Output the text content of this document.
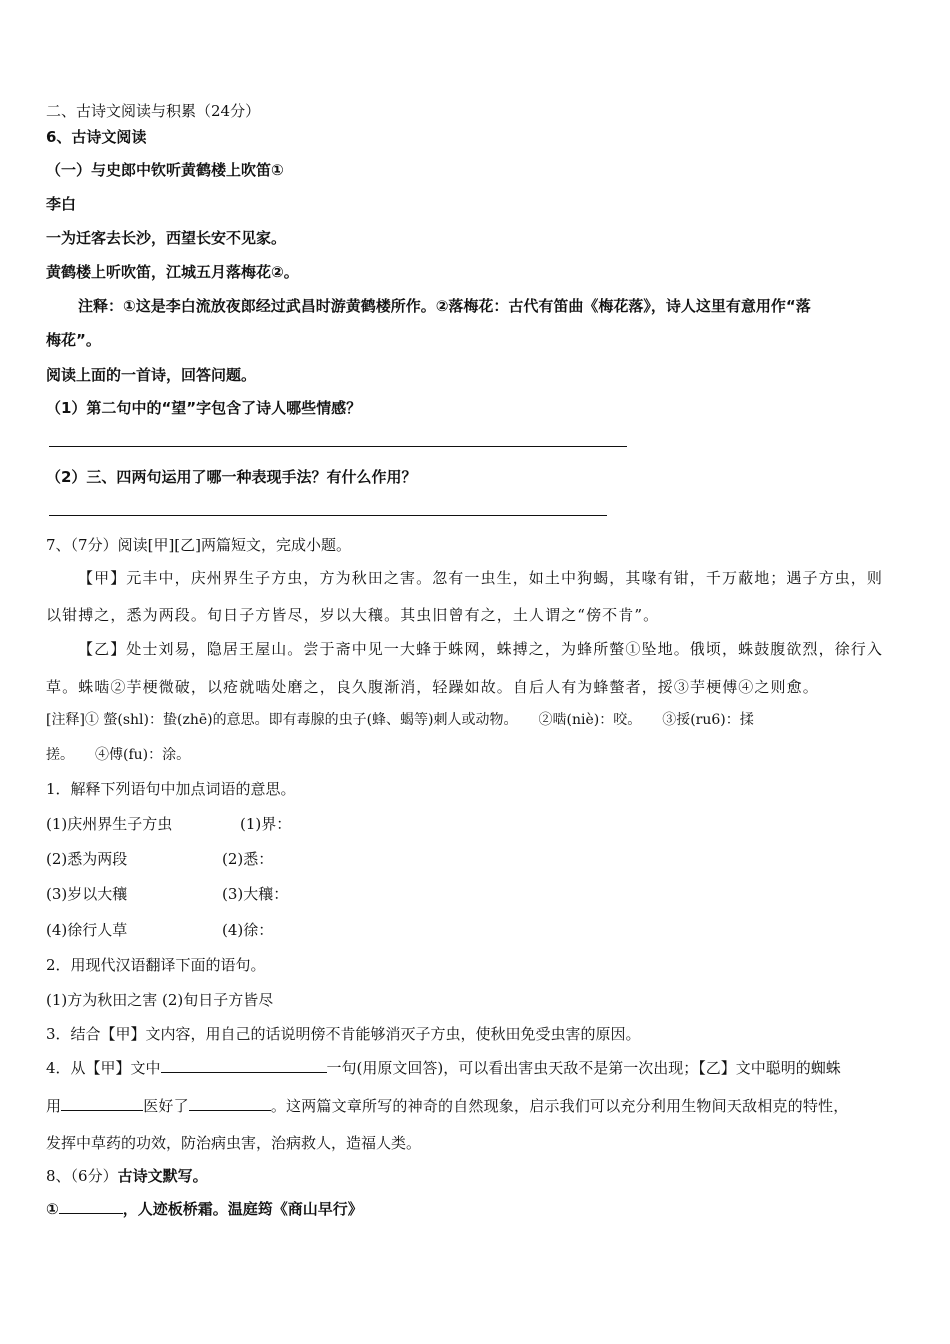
二、古诗文阅读与积累（24分）
6、古诗文阅读
（一）与史郎中钦听黄鹤楼上吹笛①
李白
一为迁客去长沙，西望长安不见家。
黄鹤楼上听吹笛，江城五月落梅花②。
注释：①这是李白流放夜郎经过武昌时游黄鹤楼所作。②落梅花：古代有笛曲《梅花落》，诗人这里有意用作“落
梅花”。
阅读上面的一首诗，回答问题。
（1）第二句中的“望”字包含了诗人哪些情感？
（2）三、四两句运用了哪一种表现手法？有什么作用？
7、（7分）阅读[甲][乙]两篇短文，完成小题。
【甲】元丰中，庆州界生子方虫，方为秋田之害。忽有一虫生，如土中狗蝎，其喙有钳，千万蔽地；遇子方虫，则
以钳搏之，悉为两段。旬日子方皆尽，岁以大穰。其虫旧曾有之，土人谓之“傍不肯”。
【乙】处士刘易，隐居王屋山。尝于斋中见一大蜂于蛛网，蛛搏之，为蜂所螫①坠地。俄顷，蛛鼓腹欲烈，徐行入
草。蛛啮②芋梗微破，以疮就啮处磨之，良久腹渐消，轻躁如故。自后人有为蜂螫者，挼③芋梗傅④之则愈。
[注释]① 螫(shl)：蛰(zhē)的意思。即有毒腺的虫子(蜂、蝎等)刺人或动物。　　②啮(niè)：咬。　　③挼(ru6)：揉
搓。　　④傅(fu)：涂。
1．解释下列语句中加点词语的意思。
(1)庆州界生子方虫	(1)界：
(2)悉为两段	(2)悉：
(3)岁以大穰	(3)大穰：
(4)徐行人草	(4)徐：
2．用现代汉语翻译下面的语句。
(1)方为秋田之害 (2)旬日子方皆尽
3．结合【甲】文内容，用自己的话说明傍不肯能够消灭子方虫，使秋田免受虫害的原因。
4．从【甲】文中	一句(用原文回答)，可以看出害虫天敌不是第一次出现；【乙】文中聪明的蜘蛛
用	医好了	。这两篇文章所写的神奇的自然现象，启示我们可以充分利用生物间天敌相克的特性，
发挥中草药的功效，防治病虫害，治病救人，造福人类。
8、（6分）古诗文默写。
①	，人迹板桥霜。温庭筠《商山早行》
